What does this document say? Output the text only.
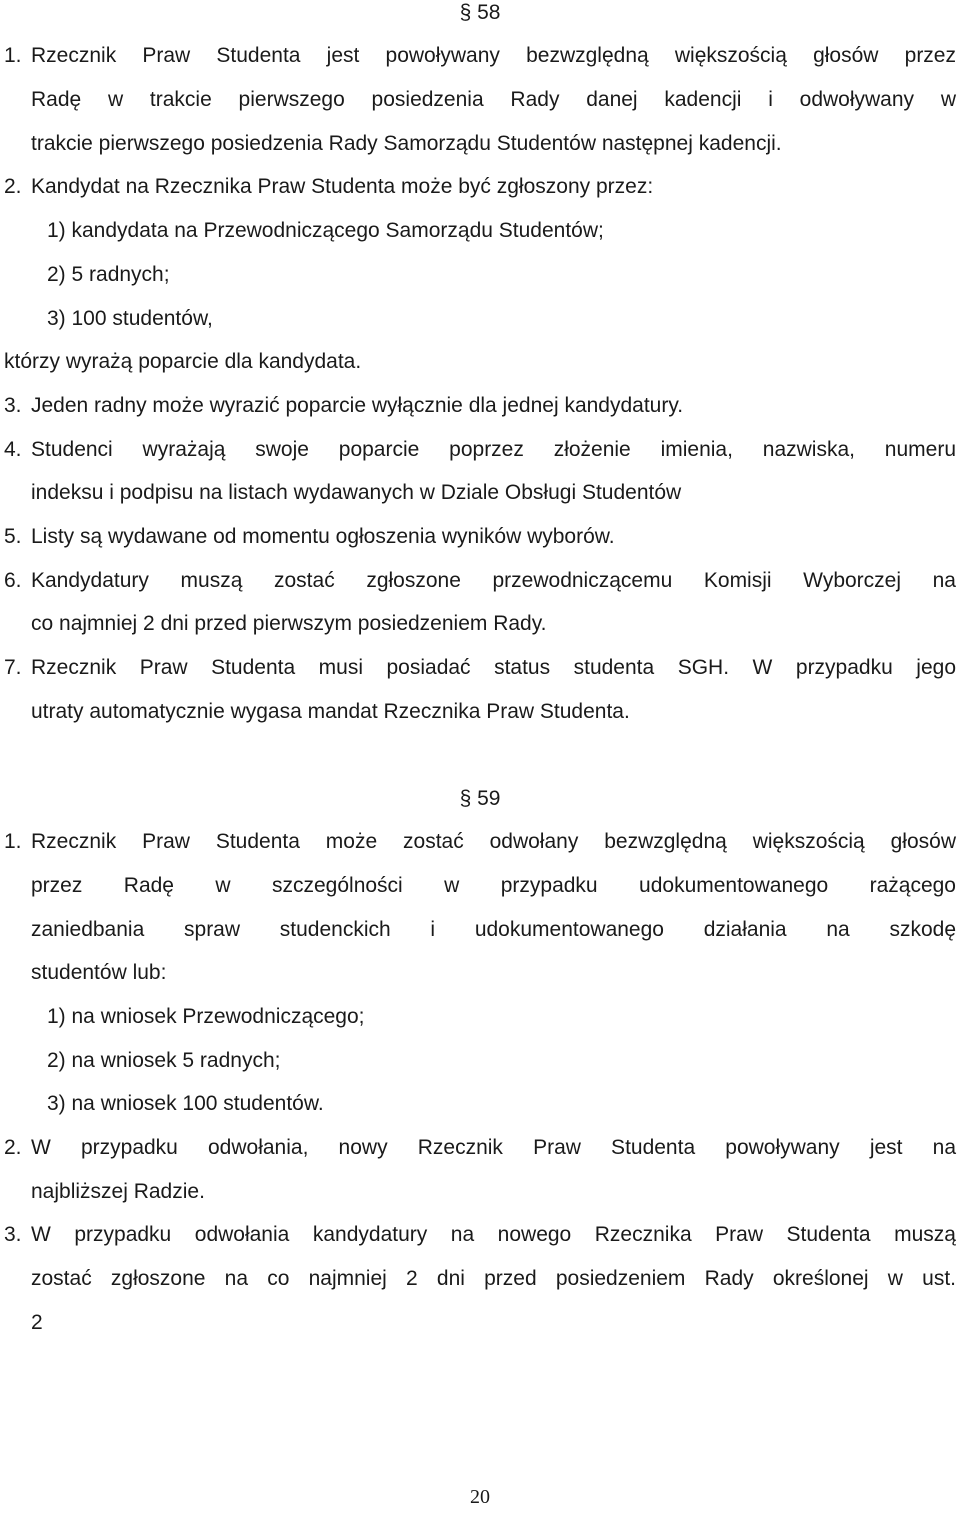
§ 58
1. Rzecznik Praw Studenta jest powoływany bezwzględną większością głosów przez
Radę w trakcie pierwszego posiedzenia Rady danej kadencji i odwoływany w
trakcie pierwszego posiedzenia Rady Samorządu Studentów następnej kadencji.
2. Kandydat na Rzecznika Praw Studenta może być zgłoszony przez:
1) kandydata na Przewodniczącego Samorządu Studentów;
2) 5 radnych;
3) 100 studentów,
którzy wyrażą poparcie dla kandydata.
3. Jeden radny może wyrazić poparcie wyłącznie dla jednej kandydatury.
4. Studenci wyrażają swoje poparcie poprzez złożenie imienia, nazwiska, numeru
indeksu i podpisu na listach wydawanych w Dziale Obsługi Studentów
5. Listy są wydawane od momentu ogłoszenia wyników wyborów.
6. Kandydatury muszą zostać zgłoszone przewodniczącemu Komisji Wyborczej na
co najmniej 2 dni przed pierwszym posiedzeniem Rady.
7. Rzecznik Praw Studenta musi posiadać status studenta SGH. W przypadku jego
utraty automatycznie wygasa mandat Rzecznika Praw Studenta.
§ 59
1. Rzecznik Praw Studenta może zostać odwołany bezwzględną większością głosów
przez Radę w szczególności w przypadku udokumentowanego rażącego
zaniedbania spraw studenckich i udokumentowanego działania na szkodę
studentów lub:
1) na wniosek Przewodniczącego;
2) na wniosek 5 radnych;
3) na wniosek 100 studentów.
2. W przypadku odwołania, nowy Rzecznik Praw Studenta powoływany jest na
najbliższej Radzie.
3. W przypadku odwołania kandydatury na nowego Rzecznika Praw Studenta muszą
zostać zgłoszone na co najmniej 2 dni przed posiedzeniem Rady określonej w ust.
2
20
